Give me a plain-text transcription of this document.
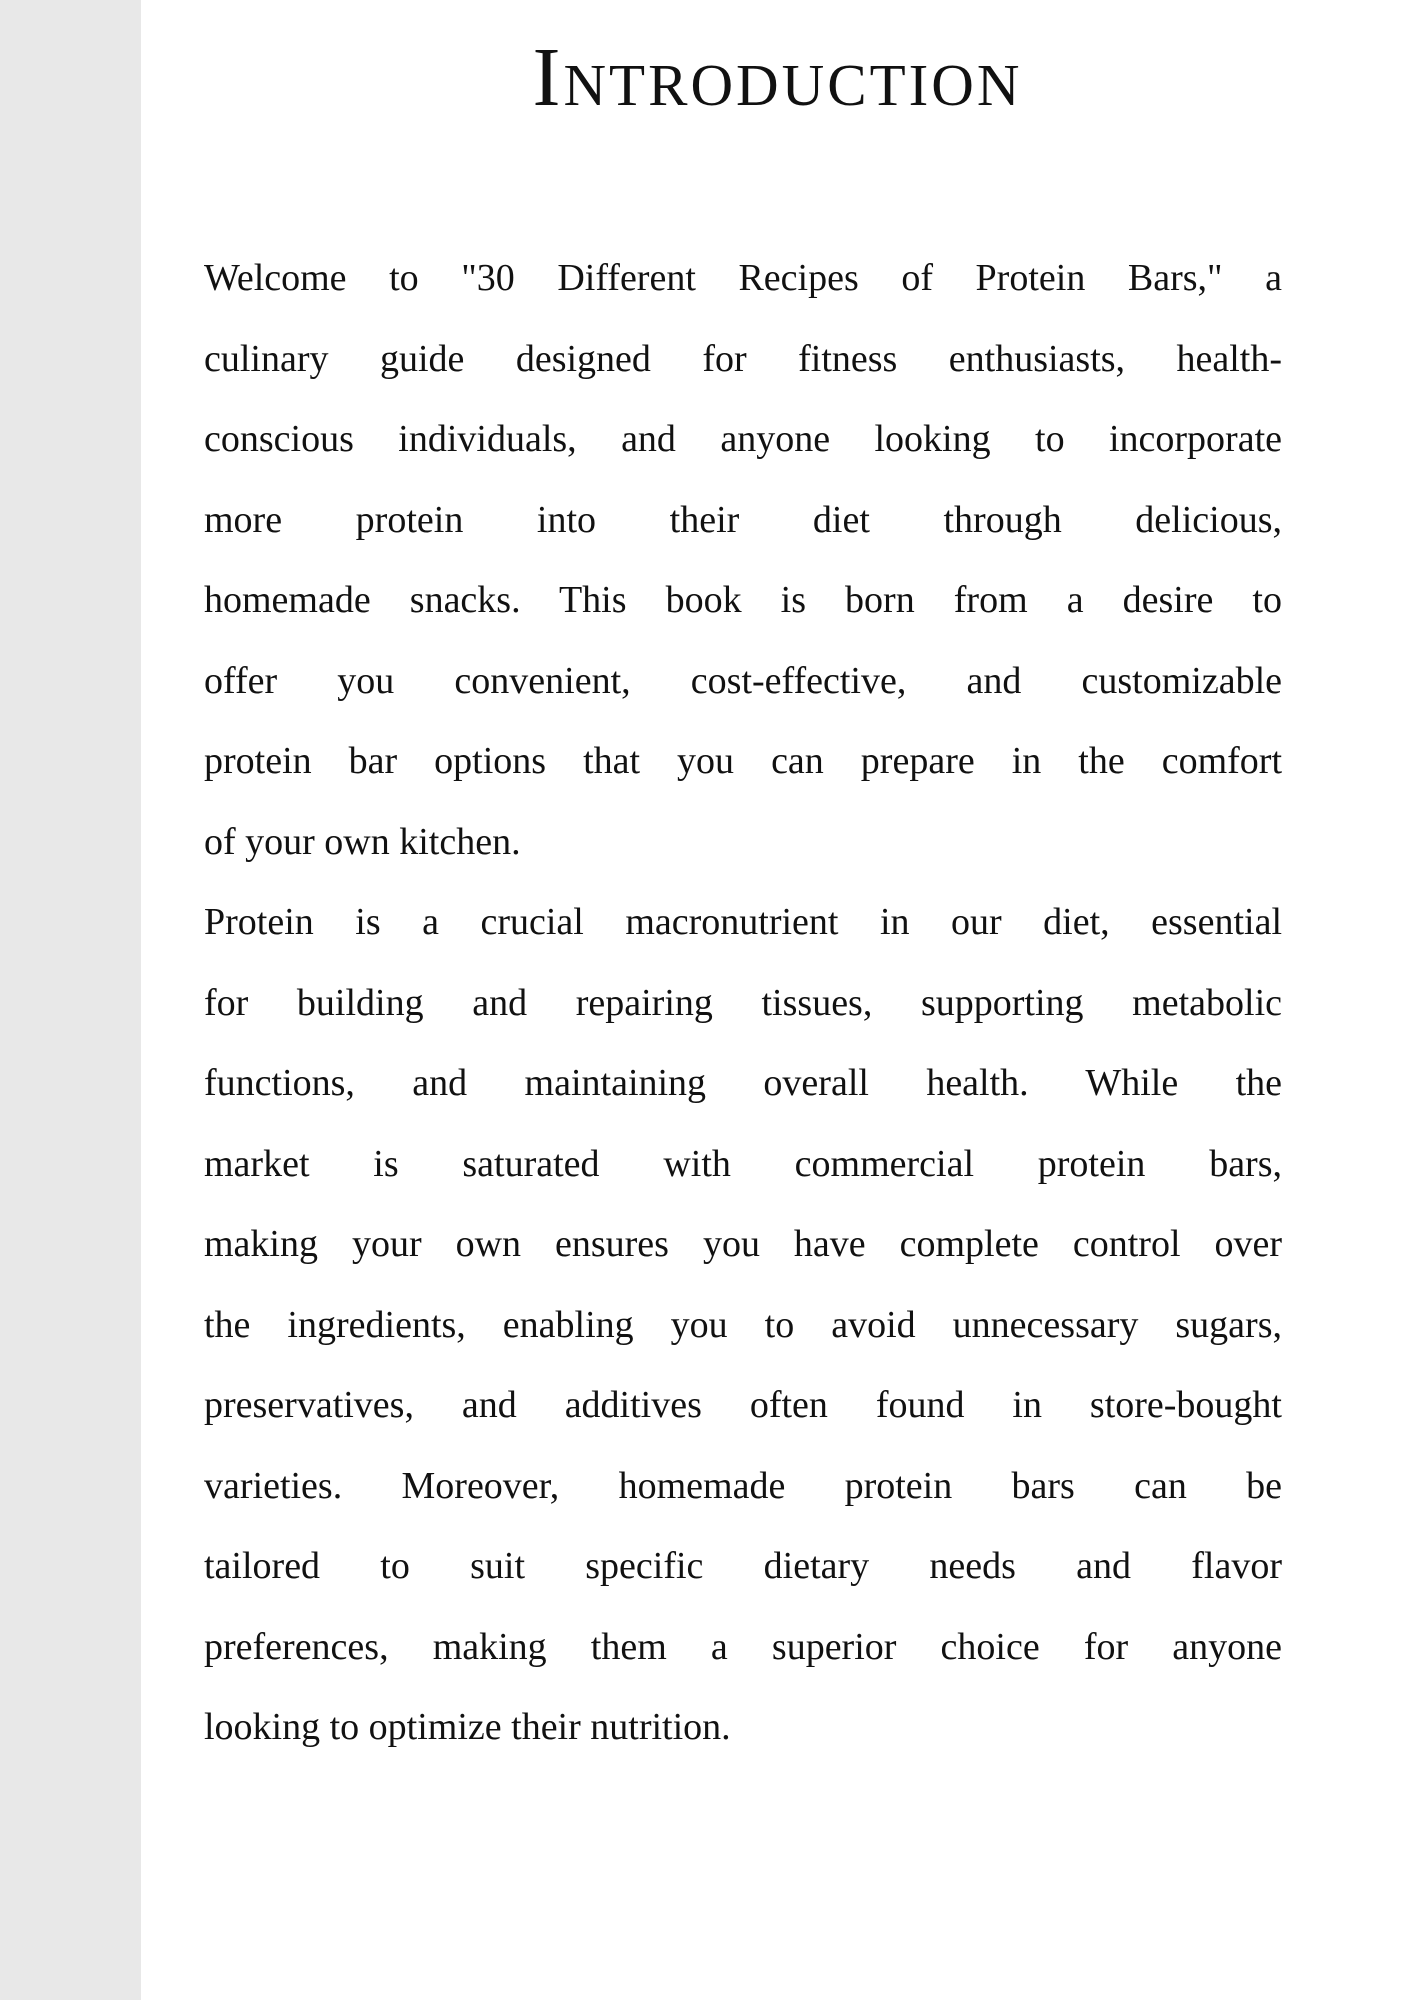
Introduction
Welcome to "30 Different Recipes of Protein Bars," a
culinary guide designed for fitness enthusiasts, health-
conscious individuals, and anyone looking to incorporate
more protein into their diet through delicious,
homemade snacks. This book is born from a desire to
offer you convenient, cost-effective, and customizable
protein bar options that you can prepare in the comfort
of your own kitchen.
Protein is a crucial macronutrient in our diet, essential
for building and repairing tissues, supporting metabolic
functions, and maintaining overall health. While the
market is saturated with commercial protein bars,
making your own ensures you have complete control over
the ingredients, enabling you to avoid unnecessary sugars,
preservatives, and additives often found in store-bought
varieties. Moreover, homemade protein bars can be
tailored to suit specific dietary needs and flavor
preferences, making them a superior choice for anyone
looking to optimize their nutrition.
